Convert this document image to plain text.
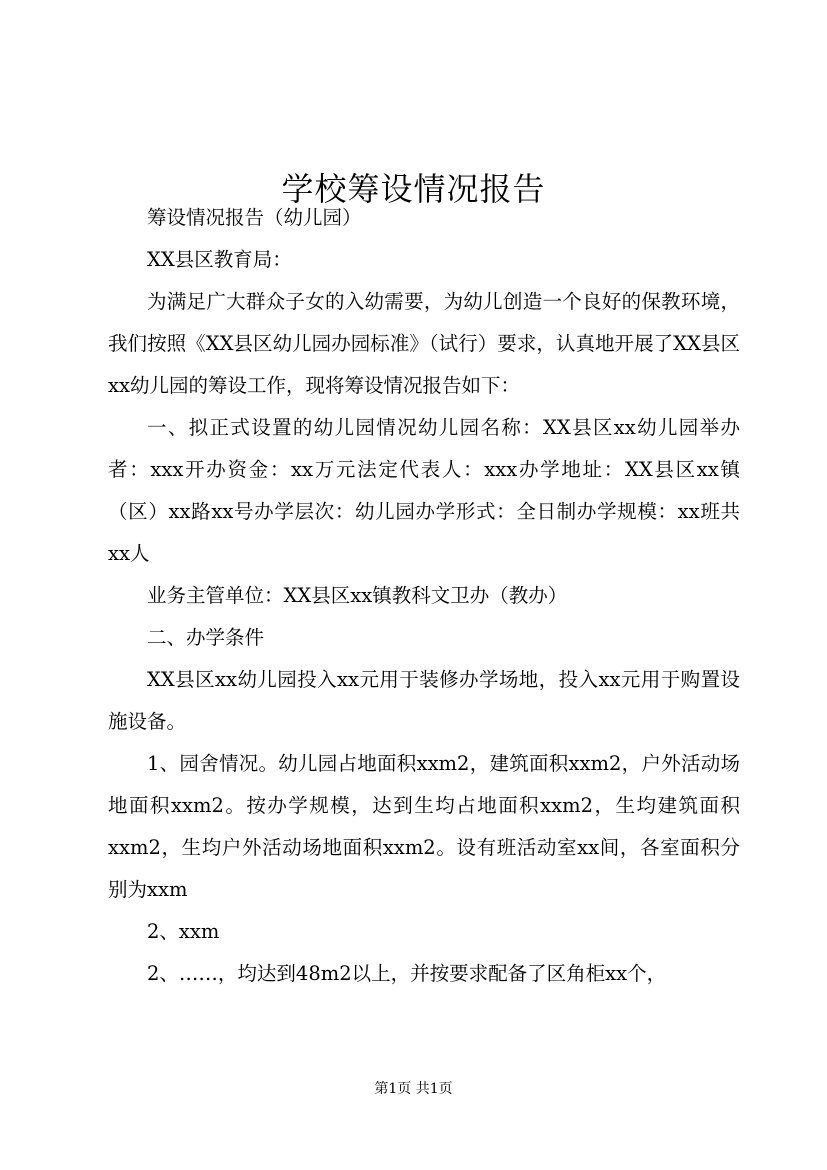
学校筹设情况报告

筹设情况报告（幼儿园）

XX县区教育局：

为满足广大群众子女的入幼需要，为幼儿创造一个良好的保教环境，我们按照《XX县区幼儿园办园标准》（试行）要求，认真地开展了XX县区xx幼儿园的筹设工作，现将筹设情况报告如下：

一、拟正式设置的幼儿园情况幼儿园名称：XX县区xx幼儿园举办者：xxx开办资金：xx万元法定代表人：xxx办学地址：XX县区xx镇（区）xx路xx号办学层次：幼儿园办学形式：全日制办学规模：xx班共xx人

业务主管单位：XX县区xx镇教科文卫办（教办）

二、办学条件

XX县区xx幼儿园投入xx元用于装修办学场地，投入xx元用于购置设施设备。

1、园舍情况。幼儿园占地面积xxm2，建筑面积xxm2，户外活动场地面积xxm2。按办学规模，达到生均占地面积xxm2，生均建筑面积xxm2，生均户外活动场地面积xxm2。设有班活动室xx间，各室面积分别为xxm

2、xxm

2、……，均达到48m2以上，并按要求配备了区角柜xx个，

第1页 共1页
